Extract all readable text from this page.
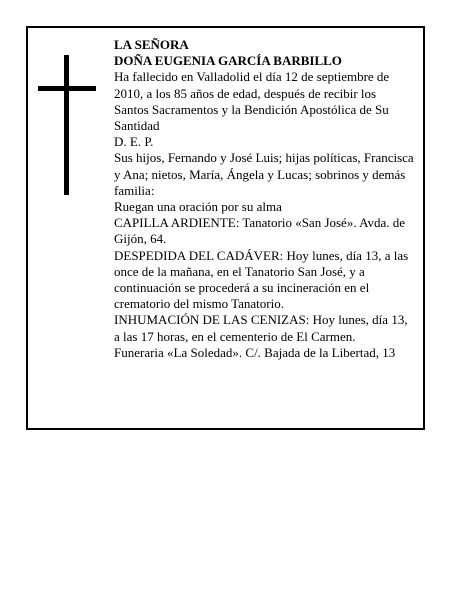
LA SEÑORA

DOÑA EUGENIA GARCÍA BARBILLO

Ha fallecido en Valladolid el día 12 de septiembre de 2010, a los 85 años de edad, después de recibir los Santos Sacramentos y la Bendición Apostólica de Su Santidad

D. E. P.

Sus hijos, Fernando y José Luis; hijas políticas, Francisca y Ana; nietos, María, Ángela y Lucas; sobrinos y demás familia:

Ruegan una oración por su alma

CAPILLA ARDIENTE: Tanatorio «San José». Avda. de Gijón, 64.

DESPEDIDA DEL CADÁVER: Hoy lunes, día 13, a las once de la mañana, en el Tanatorio San José, y a continuación se procederá a su incineración en el crematorio del mismo Tanatorio.

INHUMACIÓN DE LAS CENIZAS: Hoy lunes, día 13, a las 17 horas, en el cementerio de El Carmen.

Funeraria «La Soledad». C/. Bajada de la Libertad, 13
